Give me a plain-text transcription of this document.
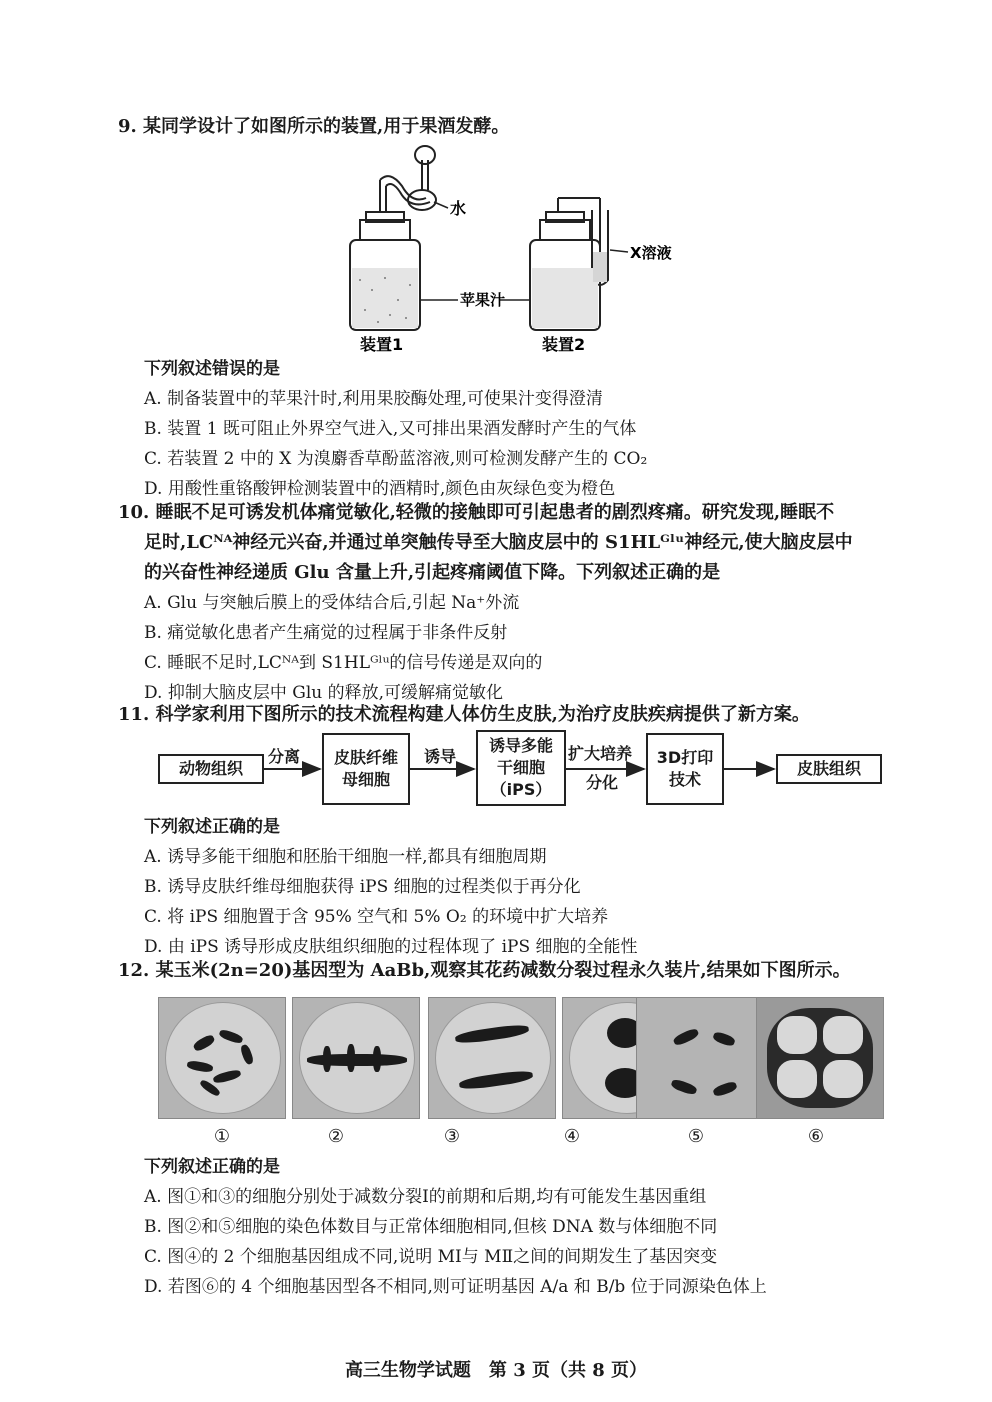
9. 某同学设计了如图所示的装置,用于果酒发酵。
水
X溶液
苹果汁
装置1	装置2
下列叙述错误的是
A. 制备装置中的苹果汁时,利用果胶酶处理,可使果汁变得澄清
B. 装置 1 既可阻止外界空气进入,又可排出果酒发酵时产生的气体
C. 若装置 2 中的 X 为溴麝香草酚蓝溶液,则可检测发酵产生的 CO₂
D. 用酸性重铬酸钾检测装置中的酒精时,颜色由灰绿色变为橙色
10. 睡眠不足可诱发机体痛觉敏化,轻微的接触即可引起患者的剧烈疼痛。研究发现,睡眠不
足时,LCᴺᴬ神经元兴奋,并通过单突触传导至大脑皮层中的 S1HLᴳˡᵘ神经元,使大脑皮层中
的兴奋性神经递质 Glu 含量上升,引起疼痛阈值下降。下列叙述正确的是
A. Glu 与突触后膜上的受体结合后,引起 Na⁺外流
B. 痛觉敏化患者产生痛觉的过程属于非条件反射
C. 睡眠不足时,LCᴺᴬ到 S1HLᴳˡᵘ的信号传递是双向的
D. 抑制大脑皮层中 Glu 的释放,可缓解痛觉敏化
11. 科学家利用下图所示的技术流程构建人体仿生皮肤,为治疗皮肤疾病提供了新方案。
动物组织
分离 皮肤纤维
母细胞
诱导
诱导多能
干细胞
（iPS）
扩大培养
分化
3D打印
技术
皮肤组织
下列叙述正确的是
A. 诱导多能干细胞和胚胎干细胞一样,都具有细胞周期
B. 诱导皮肤纤维母细胞获得 iPS 细胞的过程类似于再分化
C. 将 iPS 细胞置于含 95% 空气和 5% O₂ 的环境中扩大培养
D. 由 iPS 诱导形成皮肤组织细胞的过程体现了 iPS 细胞的全能性
12. 某玉米(2n=20)基因型为 AaBb,观察其花药减数分裂过程永久装片,结果如下图所示。
①	②	③	④	⑤	⑥
下列叙述正确的是
A. 图①和③的细胞分别处于减数分裂Ⅰ的前期和后期,均有可能发生基因重组
B. 图②和⑤细胞的染色体数目与正常体细胞相同,但核 DNA 数与体细胞不同
C. 图④的 2 个细胞基因组成不同,说明 MⅠ与 MⅡ之间的间期发生了基因突变
D. 若图⑥的 4 个细胞基因型各不相同,则可证明基因 A/a 和 B/b 位于同源染色体上
高三生物学试题　第 3 页（共 8 页）
